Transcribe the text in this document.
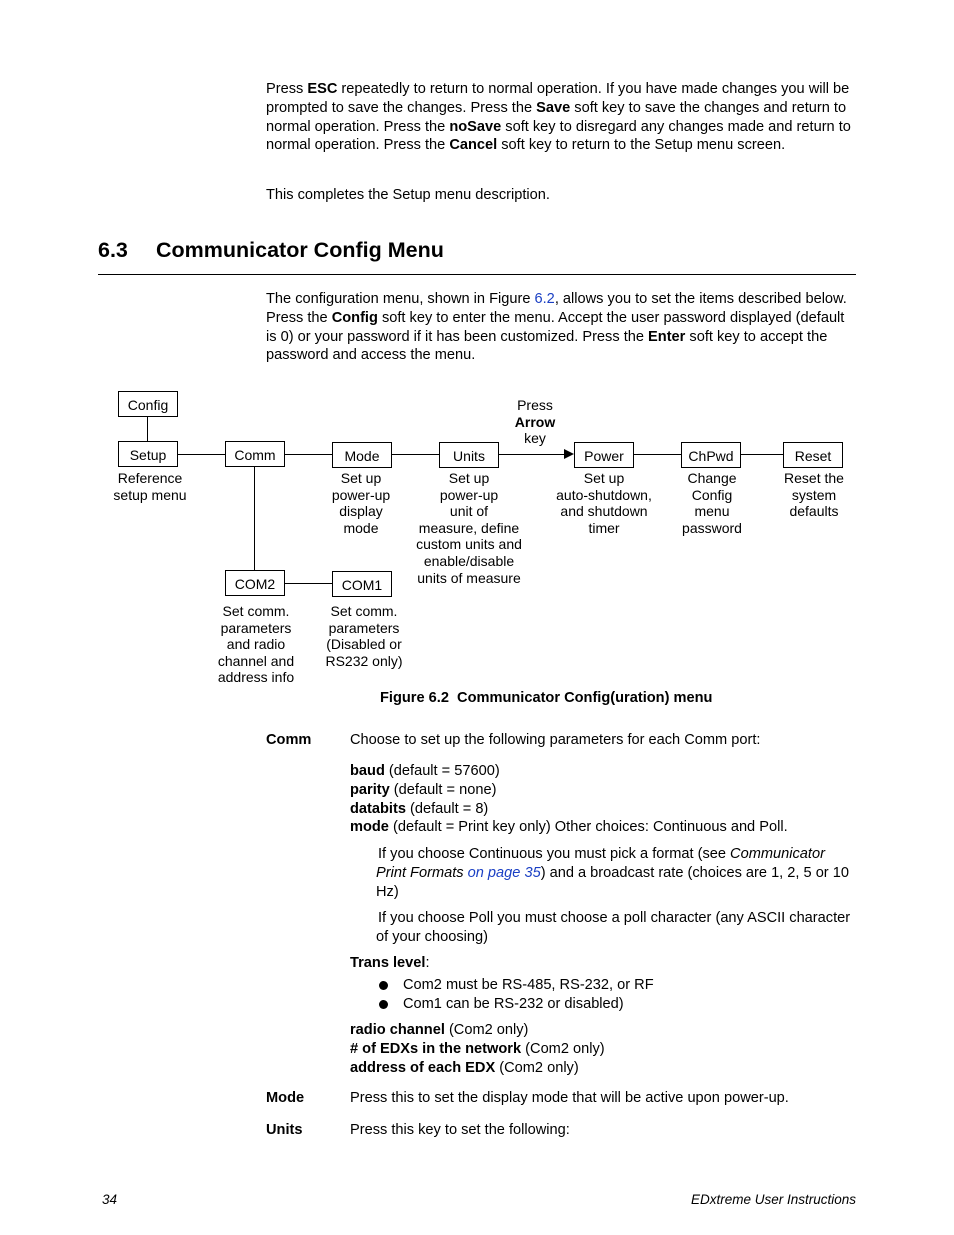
Press ESC repeatedly to return to normal operation. If you have made changes you will be prompted to save the changes. Press the Save soft key to save the changes and return to normal operation. Press the noSave soft key to disregard any changes made and return to normal operation. Press the Cancel soft key to return to the Setup menu screen.
This completes the Setup menu description.
6.3 Communicator Config Menu
The configuration menu, shown in Figure 6.2, allows you to set the items described below. Press the Config soft key to enter the menu. Accept the user password displayed (default is 0) or your password if it has been customized. Press the Enter soft key to accept the password and access the menu.
Config
Setup	Comm	Mode	Units	Power	ChPwd	Reset
COM2	COM1
Press
Arrow
key
Reference
setup menu
Set up
power-up
display
mode
Set up
power-up
unit of
measure, define
custom units and
enable/disable
units of measure
Set up
auto-shutdown,
and shutdown
timer
Change
Config
menu
password
Reset the
system
defaults
Set comm.
parameters
and radio
channel and
address info
Set comm.
parameters
(Disabled or
RS232 only)
Figure 6.2  Communicator Config(uration) menu
Comm	Choose to set up the following parameters for each Comm port:
baud (default = 57600)
parity (default = none)
databits (default = 8)
mode (default = Print key only) Other choices: Continuous and Poll.
If you choose Continuous you must pick a format (see Communicator Print Formats on page 35) and a broadcast rate (choices are 1, 2, 5 or 10 Hz)
If you choose Poll you must choose a poll character (any ASCII character of your choosing)
Trans level:
Com2 must be RS-485, RS-232, or RF
Com1 can be RS-232 or disabled)
radio channel (Com2 only)
# of EDXs in the network (Com2 only)
address of each EDX (Com2 only)
Mode	Press this to set the display mode that will be active upon power-up.
Units	Press this key to set the following:
34	EDxtreme User Instructions
